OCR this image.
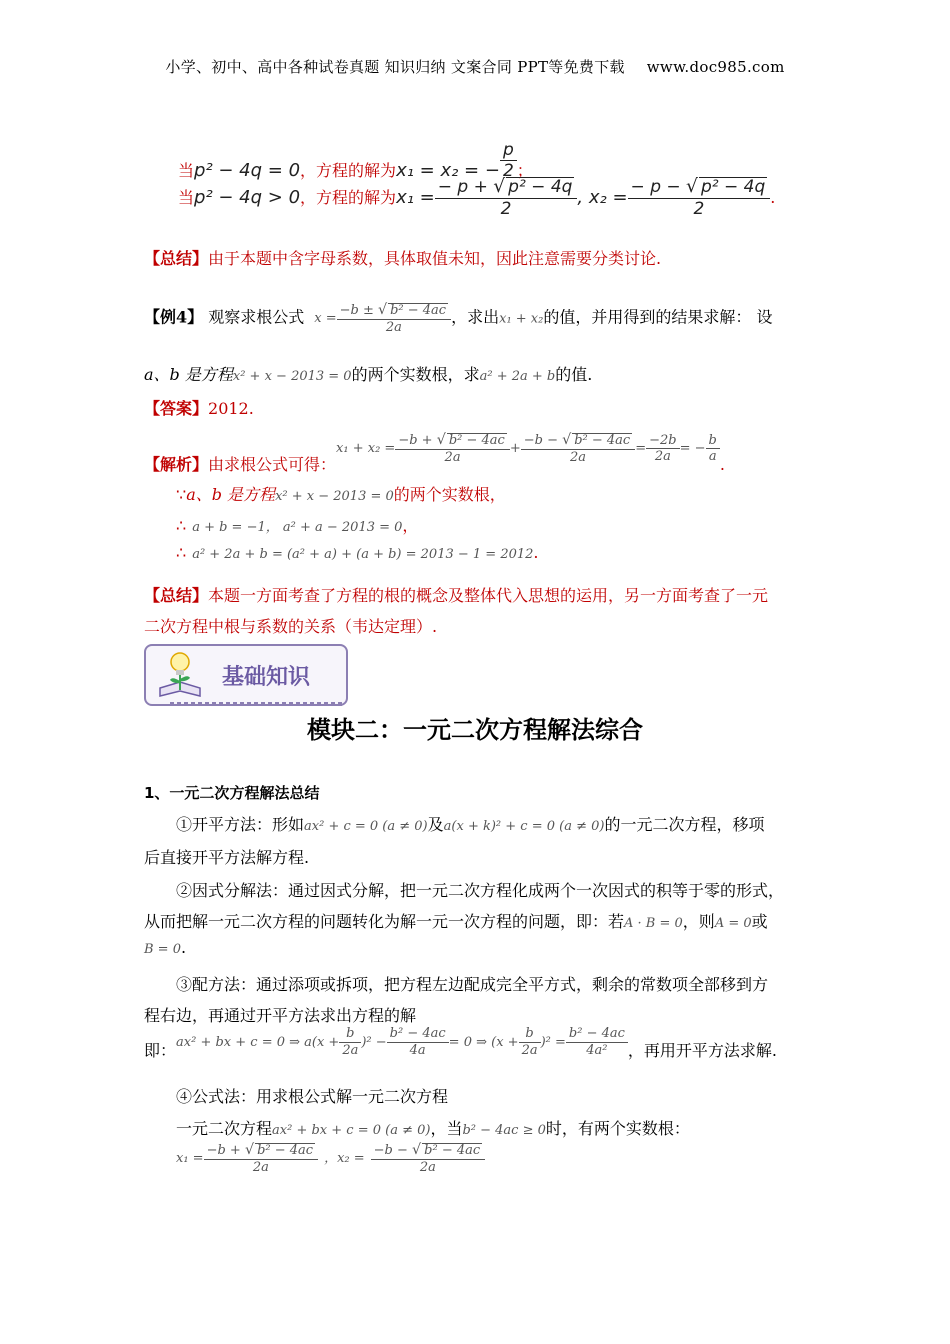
小学、初中、高中各种试卷真题 知识归纳 文案合同 PPT等免费下载 www.doc985.com
当p² − 4q = 0，方程的解为x₁ = x₂ = − $\frac{p}{2}$ ；
当p² − 4q > 0，方程的解为$x_1 = \frac{\text{− p + √ p² − 4q}}{2}$ , $x_2 = \frac{\text{− p − √ p² − 4q}}{2}$ .
【总结】由于本题中含字母系数，具体取值未知，因此注意需要分类讨论.
【例4】 观察求根公式 $x = \frac{\text{−b ± √ b² − 4ac}}{2a}$ ，求出x₁ + x₂的值，并用得到的结果求解： 设
a、b 是方程x² + x − 2013 = 0的两个实数根，求a² + 2a + b的值.
【答案】2012.
【解析】由求根公式可得：$x_1 + x_2 = \frac{\text{−b + √ b² − 4ac}}{2a} + \frac{\text{−b − √ b² − 4ac}}{2a} = \frac{-2b}{2a}$ = − $\frac{b}{a}$ .
∵a、b 是方程x² + x − 2013 = 0的两个实数根，
∴ a + b = −1， a² + a − 2013 = 0，
∴ a² + 2a + b = (a² + a) + (a + b) = 2013 − 1 = 2012.
【总结】本题一方面考查了方程的根的概念及整体代入思想的运用，另一方面考查了一元
二次方程中根与系数的关系（韦达定理）.
基础知识
模块二：一元二次方程解法综合
1、一元二次方程解法总结
①开平方法：形如ax² + c = 0 (a ≠ 0)及a(x + k)² + c = 0 (a ≠ 0)的一元二次方程，移项
后直接开平方法解方程.
②因式分解法：通过因式分解，把一元二次方程化成两个一次因式的积等于零的形式，
从而把解一元二次方程的问题转化为解一元一次方程的问题，即：若A · B = 0，则A = 0或
B = 0.
③配方法：通过添项或拆项，把方程左边配成完全平方式，剩余的常数项全部移到方
程右边，再通过开平方法求出方程的解
即：ax² + bx + c = 0 ⇒ $a(x + \frac{b}{2a} )^2 - \frac{\text{b² − 4ac}}{4a} = 0$ ⇒ $(x + \frac{b}{2a} )^2 = \frac{\text{b² − 4ac}}{\text{4a²}}$ ，再用开平方法求解.
④公式法：用求根公式解一元二次方程
一元二次方程ax² + bx + c = 0 (a ≠ 0)，当b² − 4ac ≥ 0时，有两个实数根：
$x_1 = \frac{\text{−b + √ b² − 4ac}}{2a}$ ，$x_2 = \frac{\text{−b − √ b² − 4ac}}{2a}$
